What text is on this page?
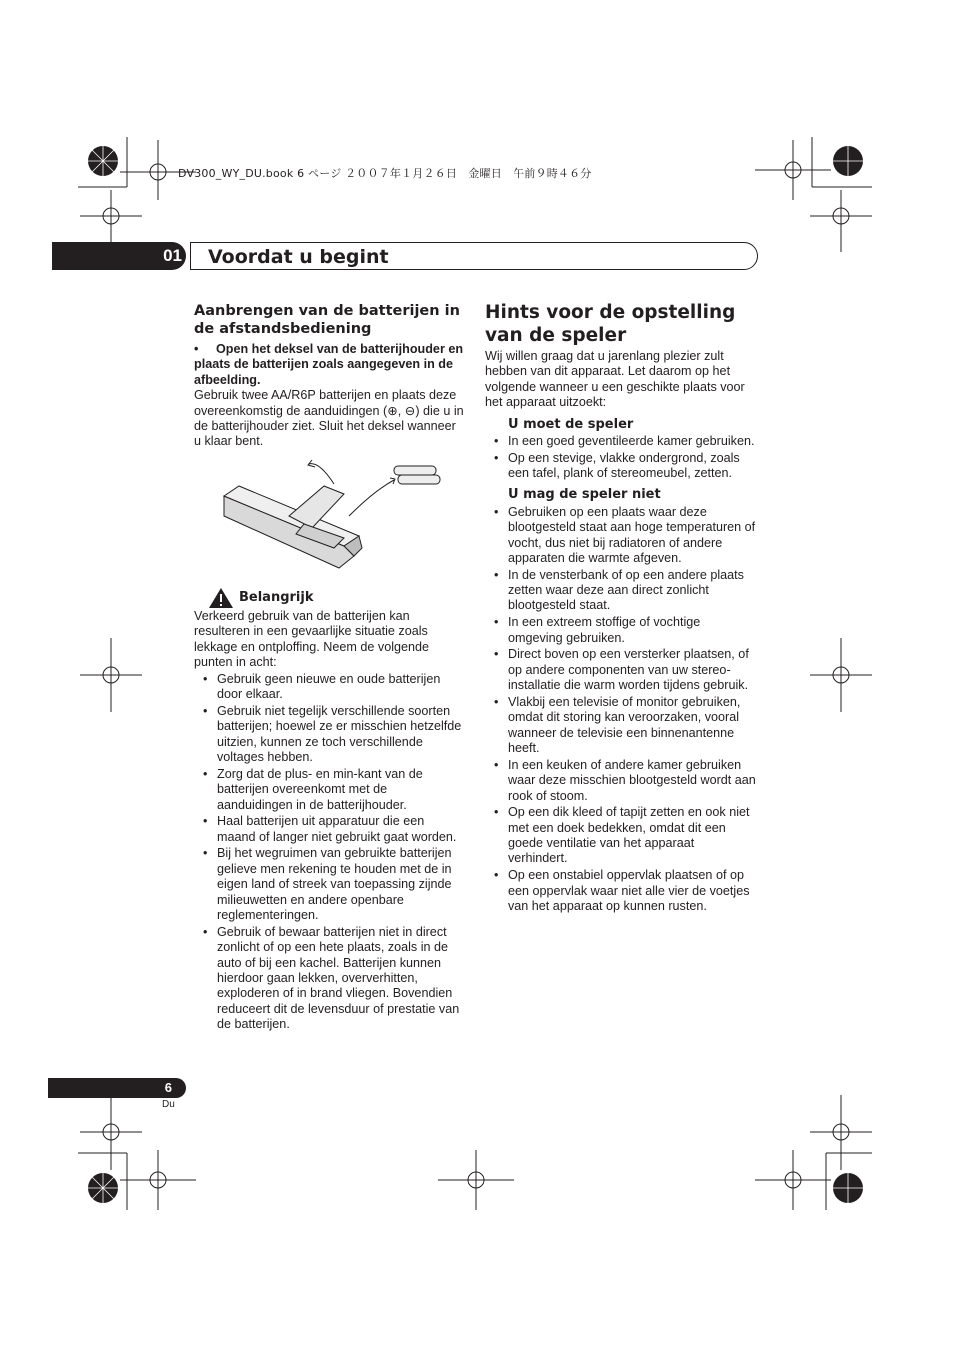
DV300_WY_DU.book 6 ページ ２００７年１月２６日　金曜日　午前９時４６分
01 Voordat u begint
Aanbrengen van de batterijen in de afstandsbediening
• Open het deksel van de batterijhouder en plaats de batterijen zoals aangegeven in de afbeelding.

Gebruik twee AA/R6P batterijen en plaats deze overeenkomstig de aanduidingen (⊕, ⊖) die u in de batterijhouder ziet. Sluit het deksel wanneer u klaar bent.

Belangrijk

Verkeerd gebruik van de batterijen kan resulteren in een gevaarlijke situatie zoals lekkage en ontploffing. Neem de volgende punten in acht:

• Gebruik geen nieuwe en oude batterijen door elkaar.
• Gebruik niet tegelijk verschillende soorten batterijen; hoewel ze er misschien hetzelfde uitzien, kunnen ze toch verschillende voltages hebben.
• Zorg dat de plus- en min-kant van de batterijen overeenkomt met de aanduidingen in de batterijhouder.
• Haal batterijen uit apparatuur die een maand of langer niet gebruikt gaat worden.
• Bij het wegruimen van gebruikte batterijen gelieve men rekening te houden met de in eigen land of streek van toepassing zijnde milieuwetten en andere openbare reglementeringen.
• Gebruik of bewaar batterijen niet in direct zonlicht of op een hete plaats, zoals in de auto of bij een kachel. Batterijen kunnen hierdoor gaan lekken, oververhitten, exploderen of in brand vliegen. Bovendien reduceert dit de levensduur of prestatie van de batterijen.
Hints voor de opstelling van de speler

Wij willen graag dat u jarenlang plezier zult hebben van dit apparaat. Let daarom op het volgende wanneer u een geschikte plaats voor het apparaat uitzoekt:

U moet de speler
• In een goed geventileerde kamer gebruiken.
• Op een stevige, vlakke ondergrond, zoals een tafel, plank of stereomeubel, zetten.
U mag de speler niet
• Gebruiken op een plaats waar deze blootgesteld staat aan hoge temperaturen of vocht, dus niet bij radiatoren of andere apparaten die warmte afgeven.
• In de vensterbank of op een andere plaats zetten waar deze aan direct zonlicht blootgesteld staat.
• In een extreem stoffige of vochtige omgeving gebruiken.
• Direct boven op een versterker plaatsen, of op andere componenten van uw stereo-installatie die warm worden tijdens gebruik.
• Vlakbij een televisie of monitor gebruiken, omdat dit storing kan veroorzaken, vooral wanneer de televisie een binnenantenne heeft.
• In een keuken of andere kamer gebruiken waar deze misschien blootgesteld wordt aan rook of stoom.
• Op een dik kleed of tapijt zetten en ook niet met een doek bedekken, omdat dit een goede ventilatie van het apparaat verhindert.
• Op een onstabiel oppervlak plaatsen of op een oppervlak waar niet alle vier de voetjes van het apparaat op kunnen rusten.
6
Du
